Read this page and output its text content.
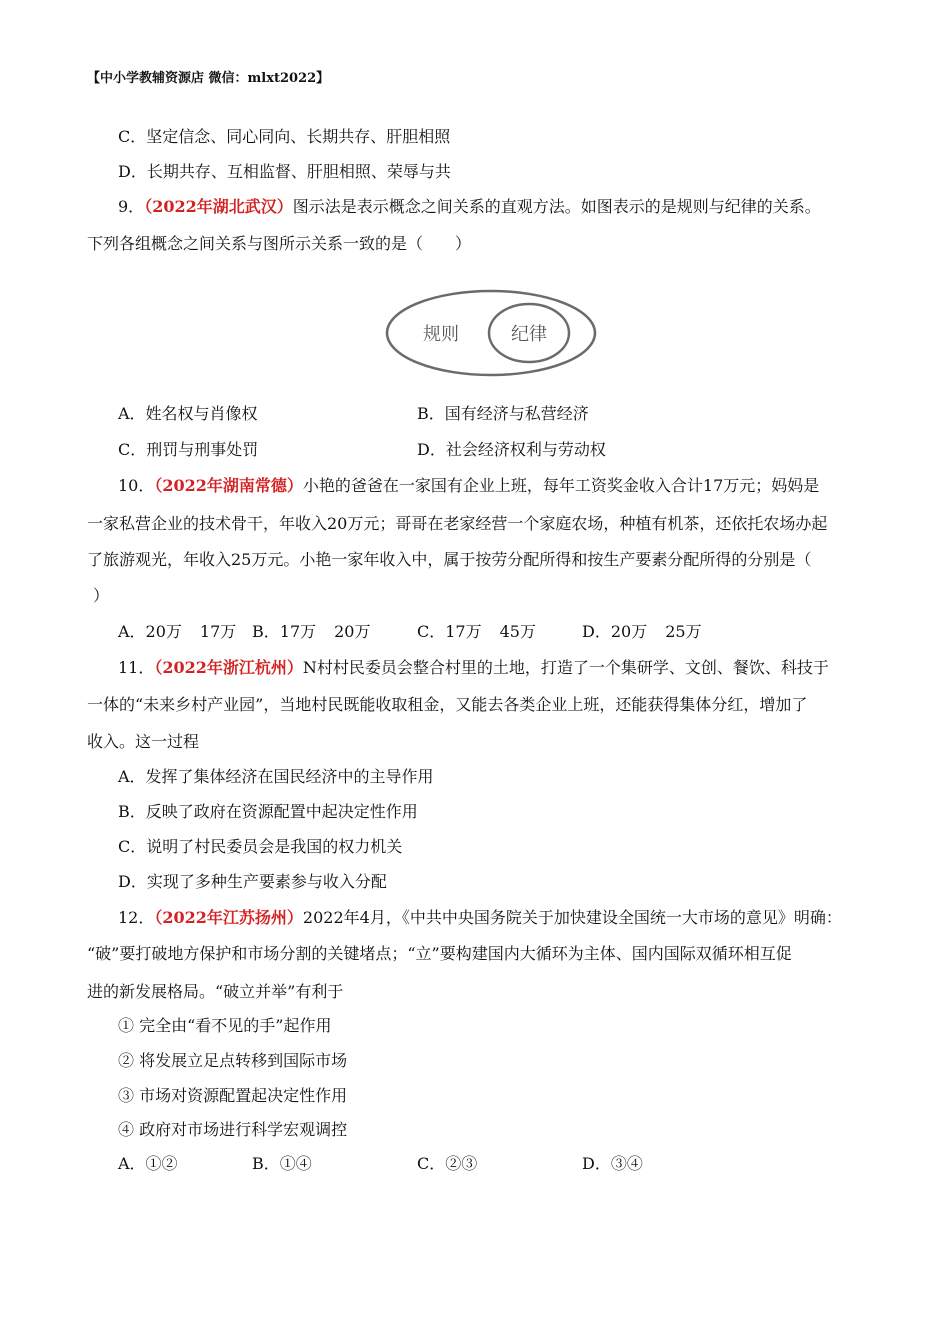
【中小学教辅资源店 微信：mlxt2022】
C．坚定信念、同心同向、长期共存、肝胆相照
D．长期共存、互相监督、肝胆相照、荣辱与共
9．（2022年湖北武汉）图示法是表示概念之间关系的直观方法。如图表示的是规则与纪律的关系。
下列各组概念之间关系与图所示关系一致的是（　　）
规则	纪律
A．姓名权与肖像权	B．国有经济与私营经济
C．刑罚与刑事处罚	D．社会经济权利与劳动权
10．（2022年湖南常德）小艳的爸爸在一家国有企业上班，每年工资奖金收入合计17万元；妈妈是
一家私营企业的技术骨干，年收入20万元；哥哥在老家经营一个家庭农场，种植有机茶，还依托农场办起
了旅游观光，年收入25万元。小艳一家年收入中，属于按劳分配所得和按生产要素分配所得的分别是（
）
A．20万 17万 B．17万 20万	C．17万 45万	D．20万 25万
11．（2022年浙江杭州）N村村民委员会整合村里的土地，打造了一个集研学、文创、餐饮、科技于
一体的“未来乡村产业园”，当地村民既能收取租金，又能去各类企业上班，还能获得集体分红，增加了
收入。这一过程
A．发挥了集体经济在国民经济中的主导作用
B．反映了政府在资源配置中起决定性作用
C．说明了村民委员会是我国的权力机关
D．实现了多种生产要素参与收入分配
12．（2022年江苏扬州）2022年4月，《中共中央国务院关于加快建设全国统一大市场的意见》明确：
“破”要打破地方保护和市场分割的关键堵点；“立”要构建国内大循环为主体、国内国际双循环相互促
进的新发展格局。“破立并举”有利于
① 完全由“看不见的手”起作用
② 将发展立足点转移到国际市场
③ 市场对资源配置起决定性作用
④ 政府对市场进行科学宏观调控
A．①②	B．①④	C．②③	D．③④
